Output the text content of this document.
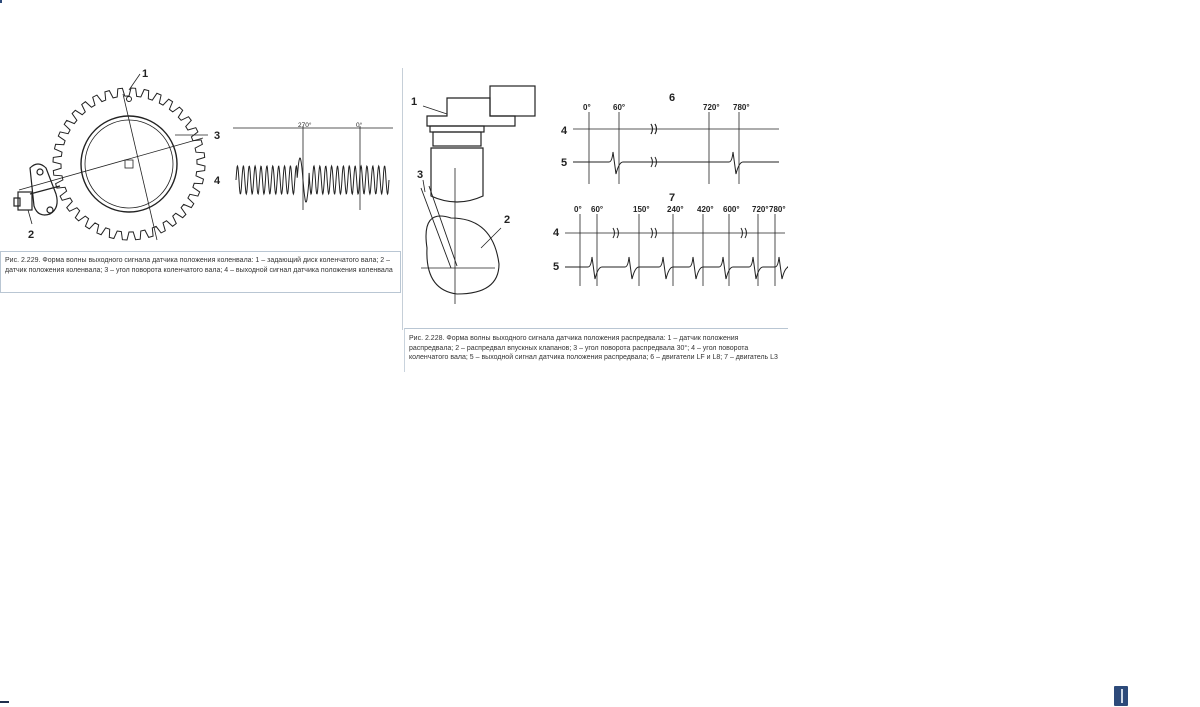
1
3
4
2
270°	0°
Рис. 2.229. Форма волны выходного сигнала датчика положения коленвала: 1 – задающий диск коленчатого вала; 2 – датчик положения коленвала; 3 – угол поворота коленчатого вала; 4 – выходной сигнал датчика положения коленвала
1
3
2
6
4
5
0°	60°	720° 780°
7
4
5
0° 60°	150° 240° 420° 600° 720° 780°
Рис. 2.228. Форма волны выходного сигнала датчика положения распредвала: 1 – датчик положения распредвала; 2 – распредвал впускных клапанов; 3 – угол поворота распредвала 30°; 4 – угол поворота коленчатого вала; 5 – выходной сигнал датчика положения распредвала; 6 – двигатели LF и L8; 7 – двигатель L3
